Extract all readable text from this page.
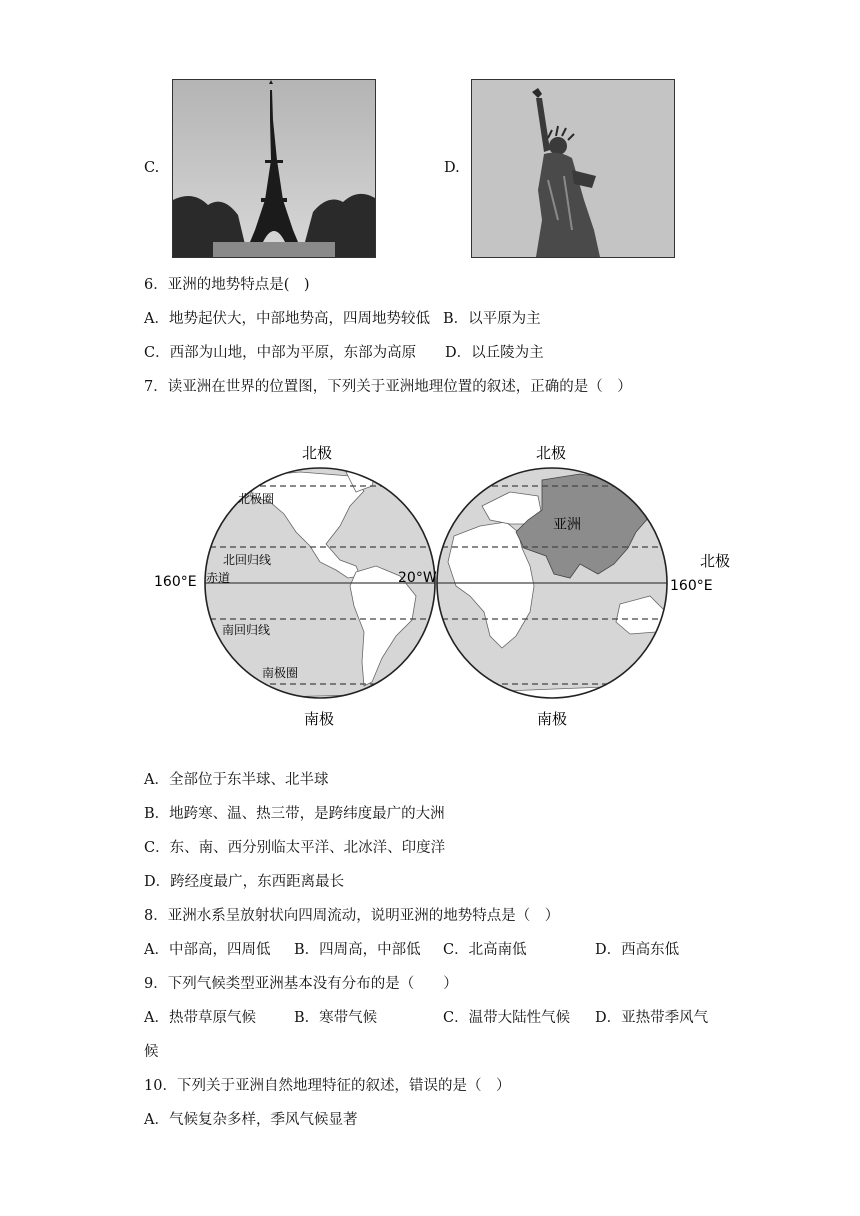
C.	D.
6．亚洲的地势特点是(　)
A．地势起伏大，中部地势高，四周地势较低 B．以平原为主
C．西部为山地，中部为平原，东部为高原 D．以丘陵为主
7．读亚洲在世界的位置图，下列关于亚洲地理位置的叙述，正确的是（　）
北极	北极
北极
南极	南极
北极圈
北回归线
赤道
南回归线
南极圈
160°E	160°E
20°W
亚洲
A．全部位于东半球、北半球
B．地跨寒、温、热三带，是跨纬度最广的大洲
C．东、南、西分别临太平洋、北冰洋、印度洋
D．跨经度最广，东西距离最长
8．亚洲水系呈放射状向四周流动，说明亚洲的地势特点是（　）
A．中部高，四周低 B．四周高，中部低 C．北高南低	D．西高东低
9．下列气候类型亚洲基本没有分布的是（　　）
A．热带草原气候	B．寒带气候	C．温带大陆性气候 D．亚热带季风气
候
10．下列关于亚洲自然地理特征的叙述，错误的是（　）
A．气候复杂多样，季风气候显著
